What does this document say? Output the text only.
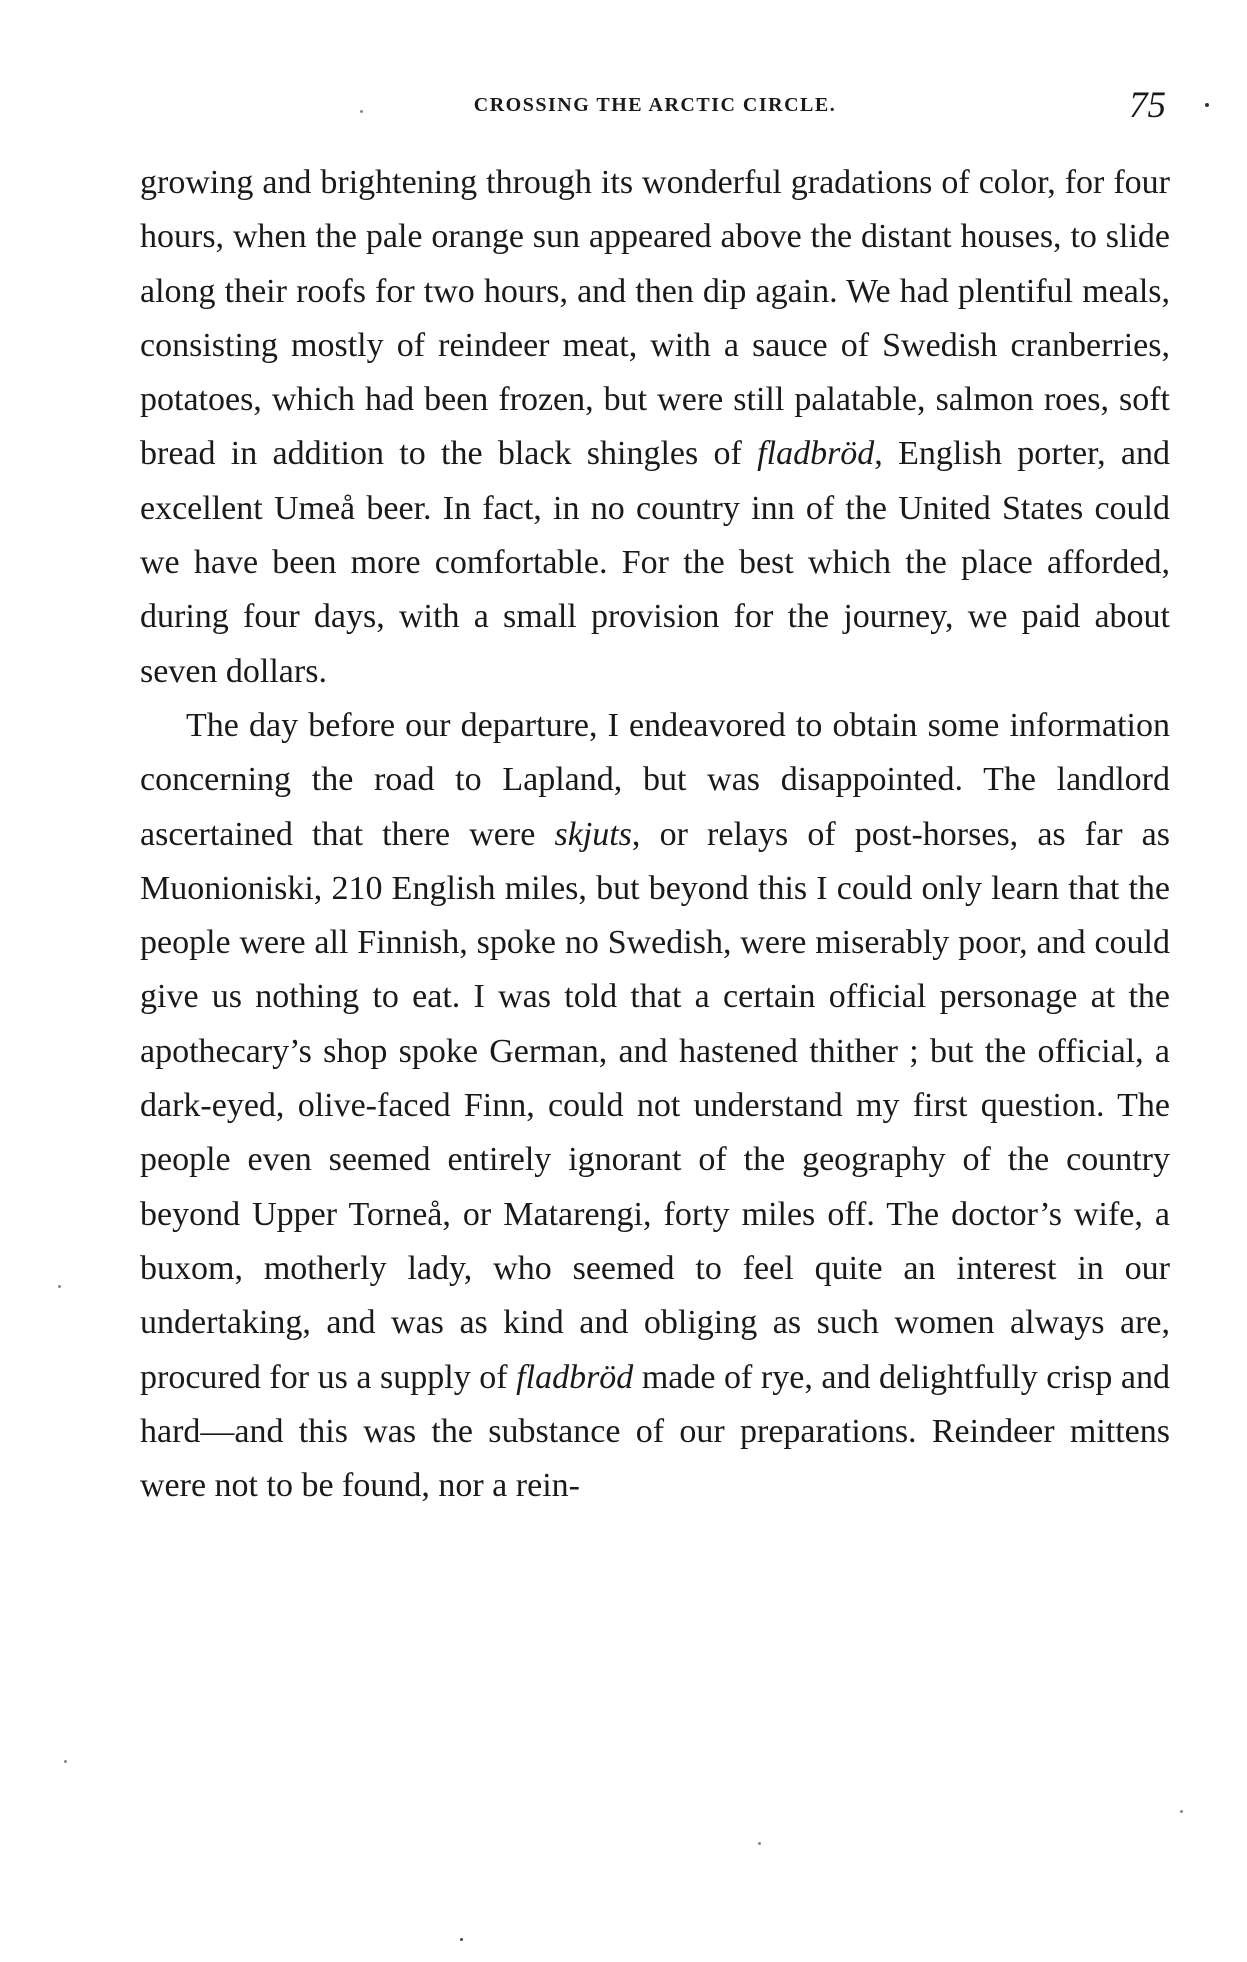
CROSSING THE ARCTIC CIRCLE.	75

growing and brightening through its wonderful gradations of color, for four hours, when the pale orange sun appeared above the distant houses, to slide along their roofs for two hours, and then dip again. We had plentiful meals, consisting mostly of reindeer meat, with a sauce of Swedish cranberries, potatoes, which had been frozen, but were still palatable, salmon roes, soft bread in addition to the black shingles of fladbröd, English porter, and excellent Umeå beer. In fact, in no country inn of the United States could we have been more comfortable. For the best which the place afforded, during four days, with a small provision for the journey, we paid about seven dollars.

The day before our departure, I endeavored to obtain some information concerning the road to Lapland, but was disappointed. The landlord ascertained that there were skjuts, or relays of post-horses, as far as Muonioniski, 210 English miles, but beyond this I could only learn that the people were all Finnish, spoke no Swedish, were miserably poor, and could give us nothing to eat. I was told that a certain official personage at the apothecary’s shop spoke German, and hastened thither ; but the official, a dark-eyed, olive-faced Finn, could not understand my first question. The people even seemed entirely ignorant of the geography of the country beyond Upper Torneå, or Matarengi, forty miles off. The doctor’s wife, a buxom, motherly lady, who seemed to feel quite an interest in our undertaking, and was as kind and obliging as such women always are, procured for us a supply of fladbröd made of rye, and delightfully crisp and hard—and this was the substance of our preparations. Reindeer mittens were not to be found, nor a rein-
